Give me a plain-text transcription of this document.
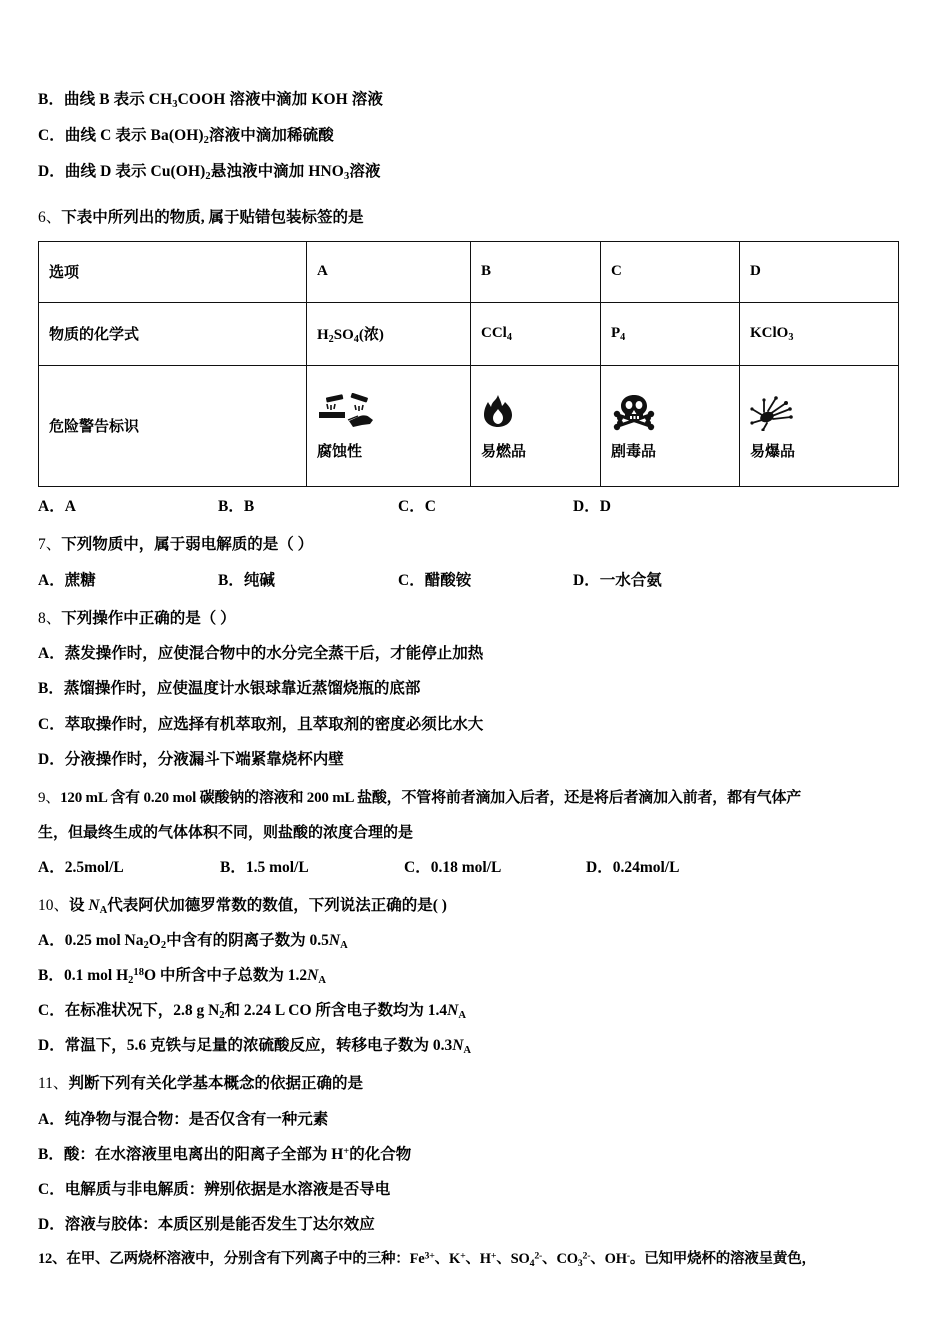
B．曲线 B 表示 $CH_3COOH$ 溶液中滴加 KOH 溶液
C．曲线 C 表示 $Ba(OH)_2$溶液中滴加稀硫酸
D．曲线 D 表示 $Cu(OH)_2$悬浊液中滴加 $HNO_3$溶液
6、下表中所列出的物质, 属于贴错包装标签的是
选项	A	B	C	D
物质的化学式	$H_2SO_4$(浓)	CCl$_4$	$P_4$	KClO$_3$
危险警告标识	腐蚀性	易燃品	剧毒品	易爆品
A．A	B．B	C．C	D．D
7、下列物质中，属于弱电解质的是（ ）
A．蔗糖	B．纯碱	C．醋酸铵	D．一水合氨
8、下列操作中正确的是（ ）
A．蒸发操作时，应使混合物中的水分完全蒸干后，才能停止加热
B．蒸馏操作时，应使温度计水银球靠近蒸馏烧瓶的底部
C．萃取操作时，应选择有机萃取剂，且萃取剂的密度必须比水大
D．分液操作时，分液漏斗下端紧靠烧杯内壁
9、120 mL 含有 0.20 mol 碳酸钠的溶液和 200 mL 盐酸，不管将前者滴加入后者，还是将后者滴加入前者，都有气体产
生，但最终生成的气体体积不同，则盐酸的浓度合理的是
A．2.5mol/L	B．1.5 mol/L	C．0.18 mol/L	D．0.24mol/L
10、设 $N_A$代表阿伏加德罗常数的数值，下列说法正确的是( )
A．0.25 mol $Na_2O_2$中含有的阴离子数为 $0.5N_A$
B．0.1 mol $H_2^{18}O$ 中所含中子总数为 $1.2N_A$
C．在标准状况下，2.8 g $N_2$和 2.24 L CO 所含电子数均为 $1.4N_A$
D．常温下，5.6 克铁与足量的浓硫酸反应，转移电子数为 $0.3N_A$
11、判断下列有关化学基本概念的依据正确的是
A．纯净物与混合物：是否仅含有一种元素
B．酸：在水溶液里电离出的阳离子全部为 H+的化合物
C．电解质与非电解质：辨别依据是水溶液是否导电
D．溶液与胶体：本质区别是能否发生丁达尔效应
12、在甲、乙两烧杯溶液中，分别含有下列离子中的三种：$Fe^{3+}$、K+、H+、$SO_4^{2-}$、$CO_3^{2-}$、OH-。已知甲烧杯的溶液呈黄色，
